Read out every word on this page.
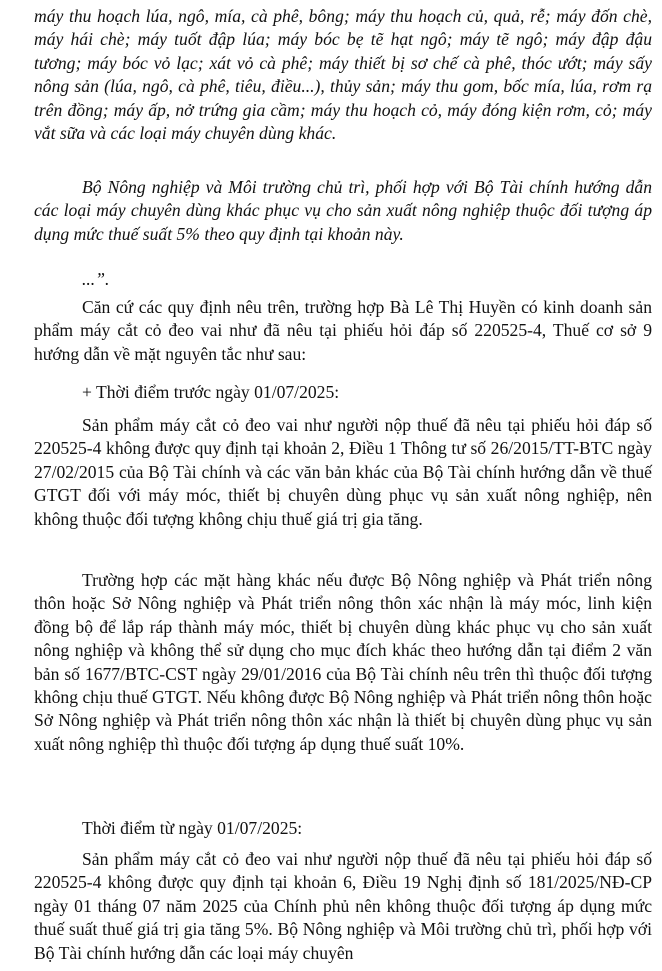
máy thu hoạch lúa, ngô, mía, cà phê, bông; máy thu hoạch củ, quả, rễ; máy đốn chè, máy hái chè; máy tuốt đập lúa; máy bóc bẹ tẽ hạt ngô; máy tẽ ngô; máy đập đậu tương; máy bóc vỏ lạc; xát vỏ cà phê; máy thiết bị sơ chế cà phê, thóc ướt; máy sấy nông sản (lúa, ngô, cà phê, tiêu, điều...), thủy sản; máy thu gom, bốc mía, lúa, rơm rạ trên đồng; máy ấp, nở trứng gia cầm; máy thu hoạch cỏ, máy đóng kiện rơm, cỏ; máy vắt sữa và các loại máy chuyên dùng khác.

Bộ Nông nghiệp và Môi trường chủ trì, phối hợp với Bộ Tài chính hướng dẫn các loại máy chuyên dùng khác phục vụ cho sản xuất nông nghiệp thuộc đối tượng áp dụng mức thuế suất 5% theo quy định tại khoản này.

...”.

Căn cứ các quy định nêu trên, trường hợp Bà Lê Thị Huyền có kinh doanh sản phẩm máy cắt cỏ đeo vai như đã nêu tại phiếu hỏi đáp số 220525-4, Thuế cơ sở 9 hướng dẫn về mặt nguyên tắc như sau:

+ Thời điểm trước ngày 01/07/2025:

Sản phẩm máy cắt cỏ đeo vai như người nộp thuế đã nêu tại phiếu hỏi đáp số 220525-4 không được quy định tại khoản 2, Điều 1 Thông tư số 26/2015/TT-BTC ngày 27/02/2015 của Bộ Tài chính và các văn bản khác của Bộ Tài chính hướng dẫn về thuế GTGT đối với máy móc, thiết bị chuyên dùng phục vụ sản xuất nông nghiệp, nên không thuộc đối tượng không chịu thuế giá trị gia tăng.

Trường hợp các mặt hàng khác nếu được Bộ Nông nghiệp và Phát triển nông thôn hoặc Sở Nông nghiệp và Phát triển nông thôn xác nhận là máy móc, linh kiện đồng bộ để lắp ráp thành máy móc, thiết bị chuyên dùng khác phục vụ cho sản xuất nông nghiệp và không thể sử dụng cho mục đích khác theo hướng dẫn tại điểm 2 văn bản số 1677/BTC-CST ngày 29/01/2016 của Bộ Tài chính nêu trên thì thuộc đối tượng không chịu thuế GTGT. Nếu không được Bộ Nông nghiệp và Phát triển nông thôn hoặc Sở Nông nghiệp và Phát triển nông thôn xác nhận là thiết bị chuyên dùng phục vụ sản xuất nông nghiệp thì thuộc đối tượng áp dụng thuế suất 10%.

Thời điểm từ ngày 01/07/2025:

Sản phẩm máy cắt cỏ đeo vai như người nộp thuế đã nêu tại phiếu hỏi đáp số 220525-4 không được quy định tại khoản 6, Điều 19 Nghị định số 181/2025/NĐ-CP ngày 01 tháng 07 năm 2025 của Chính phủ nên không thuộc đối tượng áp dụng mức thuế suất thuế giá trị gia tăng 5%. Bộ Nông nghiệp và Môi trường chủ trì, phối hợp với Bộ Tài chính hướng dẫn các loại máy chuyên
